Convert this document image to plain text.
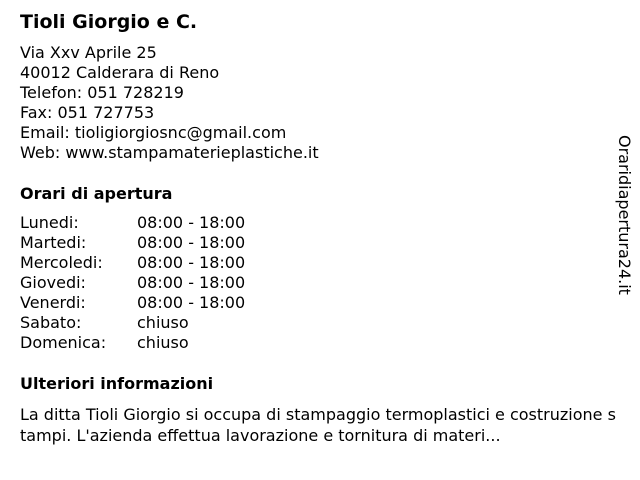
Tioli Giorgio e C.
Via Xxv Aprile 25
40012 Calderara di Reno
Telefon: 051 728219
Fax: 051 727753
Email: tioligiorgiosnc@gmail.com
Web: www.stampamaterieplastiche.it
Orari di apertura
Lunedi:	08:00 - 18:00
Martedi:	08:00 - 18:00
Mercoledi:	08:00 - 18:00
Giovedi:	08:00 - 18:00
Venerdi:	08:00 - 18:00
Sabato:	chiuso
Domenica:	chiuso
Ulteriori informazioni
La ditta Tioli Giorgio si occupa di stampaggio termoplastici e costruzione stampi. L'azienda effettua lavorazione e tornitura di materi...
Oraridiapertura24.it
